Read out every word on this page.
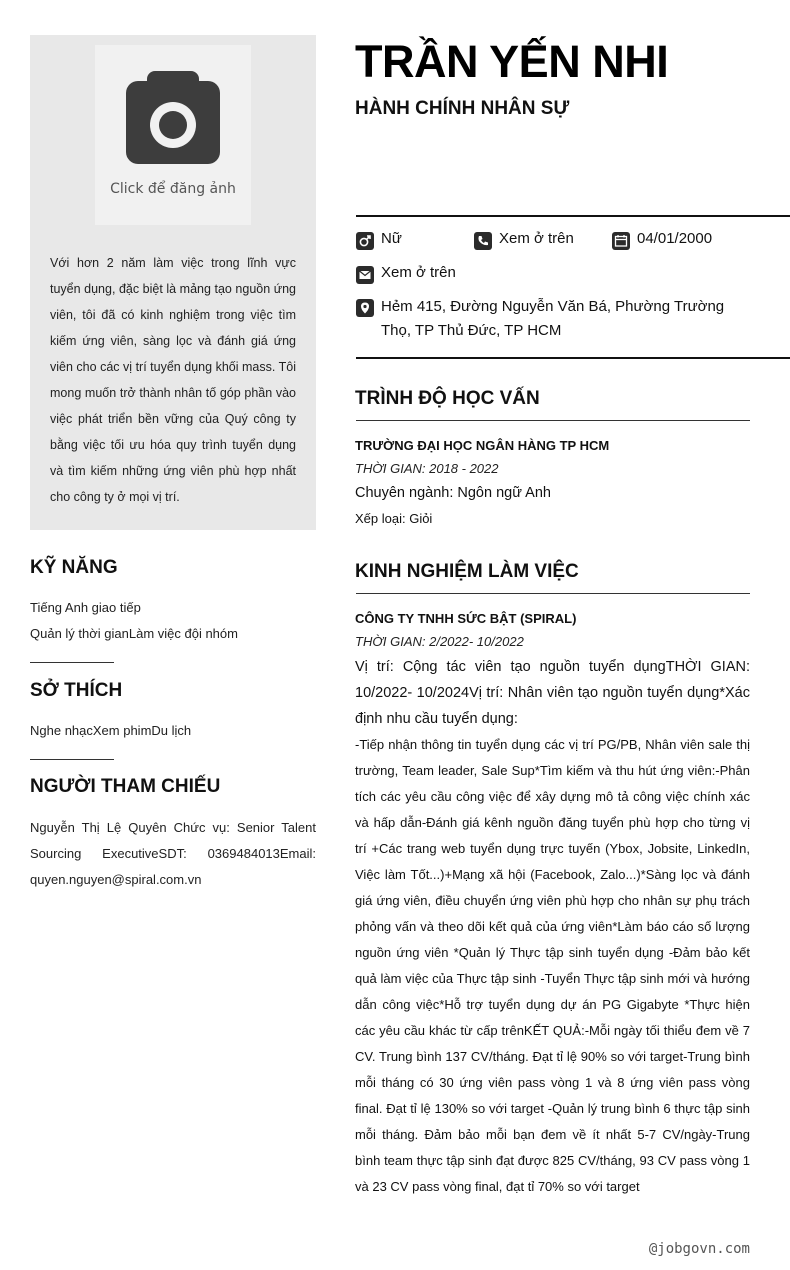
Click để đăng ảnh
Với hơn 2 năm làm việc trong lĩnh vực tuyển dụng, đặc biệt là mảng tạo nguồn ứng viên, tôi đã có kinh nghiệm trong việc tìm kiếm ứng viên, sàng lọc và đánh giá ứng viên cho các vị trí tuyển dụng khối mass. Tôi mong muốn trở thành nhân tố góp phần vào việc phát triển bền vững của Quý công ty bằng việc tối ưu hóa quy trình tuyển dụng và tìm kiếm những ứng viên phù hợp nhất cho công ty ở mọi vị trí.
KỸ NĂNG
Tiếng Anh giao tiếp
Quản lý thời gianLàm việc đội nhóm
SỞ THÍCH
Nghe nhạcXem phimDu lịch
NGƯỜI THAM CHIẾU
Nguyễn Thị Lệ Quyên Chức vụ: Senior Talent Sourcing ExecutiveSDT: 0369484013Email: quyen.nguyen@spiral.com.vn
TRẦN YẾN NHI
HÀNH CHÍNH NHÂN SỰ
Nữ	Xem ở trên	04/01/2000
Xem ở trên
Hẻm 415, Đường Nguyễn Văn Bá, Phường Trường Thọ, TP Thủ Đức, TP HCM
TRÌNH ĐỘ HỌC VẤN
TRƯỜNG ĐẠI HỌC NGÂN HÀNG TP HCM
THỜI GIAN: 2018 - 2022
Chuyên ngành: Ngôn ngữ Anh
Xếp loại: Giỏi
KINH NGHIỆM LÀM VIỆC
CÔNG TY TNHH SỨC BẬT (SPIRAL)
THỜI GIAN: 2/2022- 10/2022
Vị trí: Cộng tác viên tạo nguồn tuyển dụngTHỜI GIAN: 10/2022- 10/2024Vị trí: Nhân viên tạo nguồn tuyển dụng*Xác định nhu cầu tuyển dụng:
-Tiếp nhận thông tin tuyển dụng các vị trí PG/PB, Nhân viên sale thị trường, Team leader, Sale Sup*Tìm kiếm và thu hút ứng viên:-Phân tích các yêu cầu công việc để xây dựng mô tả công việc chính xác và hấp dẫn-Đánh giá kênh nguồn đăng tuyển phù hợp cho từng vị trí +Các trang web tuyển dụng trực tuyến (Ybox, Jobsite, LinkedIn, Việc làm Tốt...)+Mạng xã hội (Facebook, Zalo...)*Sàng lọc và đánh giá ứng viên, điều chuyển ứng viên phù hợp cho nhân sự phụ trách phỏng vấn và theo dõi kết quả của ứng viên*Làm báo cáo số lượng nguồn ứng viên *Quản lý Thực tập sinh tuyển dụng -Đảm bảo kết quả làm việc của Thực tập sinh -Tuyển Thực tập sinh mới và hướng dẫn công việc*Hỗ trợ tuyển dụng dự án PG Gigabyte *Thực hiện các yêu cầu khác từ cấp trênKẾT QUẢ:-Mỗi ngày tối thiểu đem về 7 CV. Trung bình 137 CV/tháng. Đạt tỉ lệ 90% so với target-Trung bình mỗi tháng có 30 ứng viên pass vòng 1 và 8 ứng viên pass vòng final. Đạt tỉ lệ 130% so với target -Quản lý trung bình 6 thực tập sinh mỗi tháng. Đảm bảo mỗi bạn đem về ít nhất 5-7 CV/ngày-Trung bình team thực tập sinh đạt được 825 CV/tháng, 93 CV pass vòng 1 và 23 CV pass vòng final, đạt tỉ 70% so với target
@jobgovn.com
